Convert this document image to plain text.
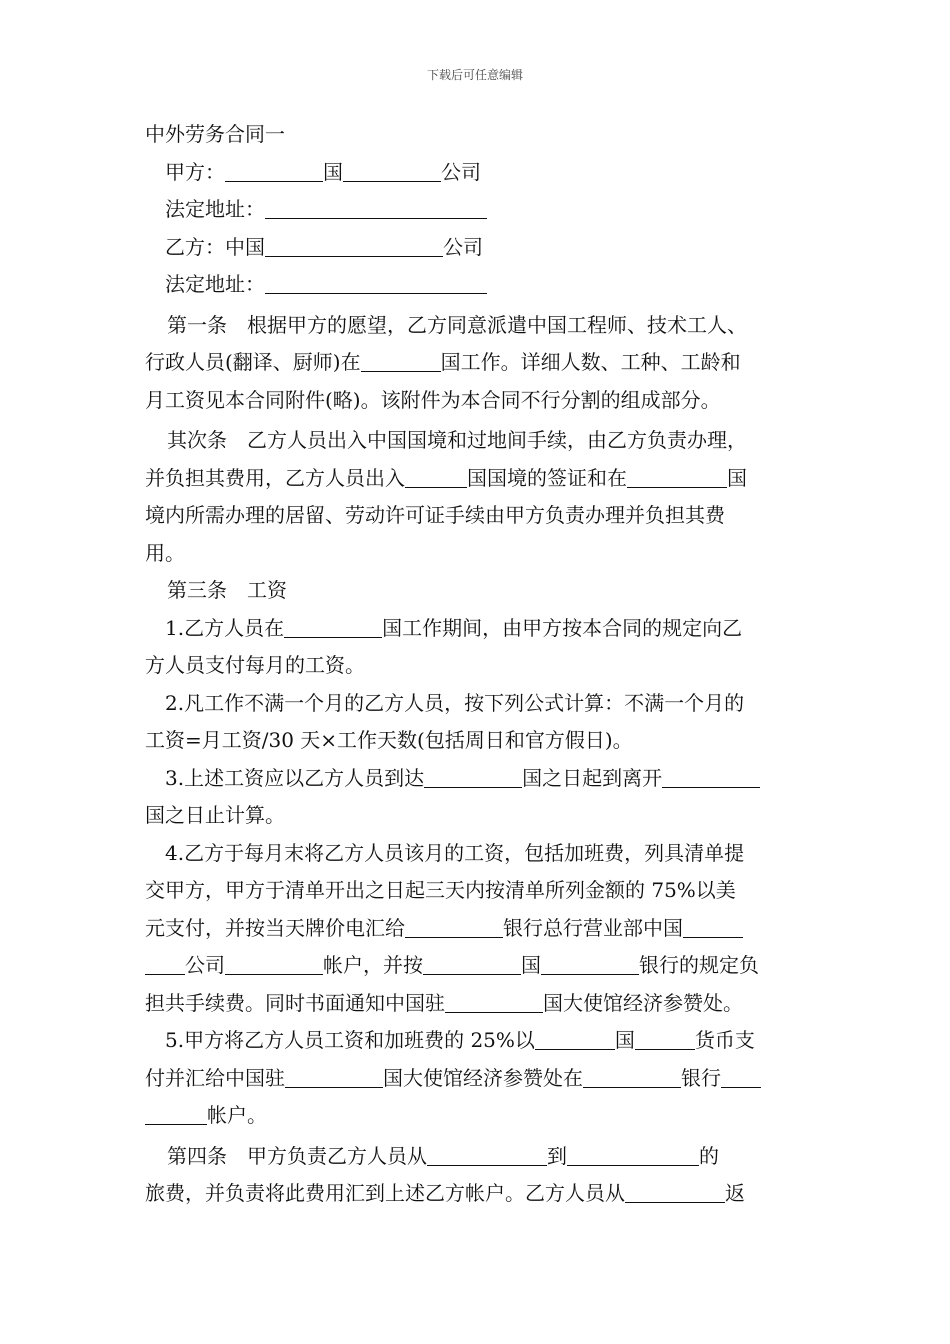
下载后可任意编辑
中外劳务合同一
甲方：	国	公司
法定地址：
乙方：中国	公司
法定地址：
第一条　根据甲方的愿望，乙方同意派遣中国工程师、技术工人、
行政人员(翻译、厨师)在	国工作。详细人数、工种、工龄和
月工资见本合同附件(略)。该附件为本合同不行分割的组成部分。
其次条　乙方人员出入中国国境和过地间手续，由乙方负责办理，
并负担其费用，乙方人员出入	国国境的签证和在	国
境内所需办理的居留、劳动许可证手续由甲方负责办理并负担其费
用。
第三条　工资
1.乙方人员在	国工作期间，由甲方按本合同的规定向乙
方人员支付每月的工资。
2.凡工作不满一个月的乙方人员，按下列公式计算：不满一个月的
工资=月工资/30 天×工作天数(包括周日和官方假日)。
3.上述工资应以乙方人员到达	国之日起到离开
国之日止计算。
4.乙方于每月末将乙方人员该月的工资，包括加班费，列具清单提
交甲方，甲方于清单开出之日起三天内按清单所列金额的 75%以美
元支付，并按当天牌价电汇给	银行总行营业部中国
公司	帐户，并按	国	银行的规定负
担共手续费。同时书面通知中国驻	国大使馆经济参赞处。
5.甲方将乙方人员工资和加班费的 25%以	国	货币支
付并汇给中国驻	国大使馆经济参赞处在	银行
帐户。
第四条　甲方负责乙方人员从	到	的
旅费，并负责将此费用汇到上述乙方帐户。乙方人员从	返
